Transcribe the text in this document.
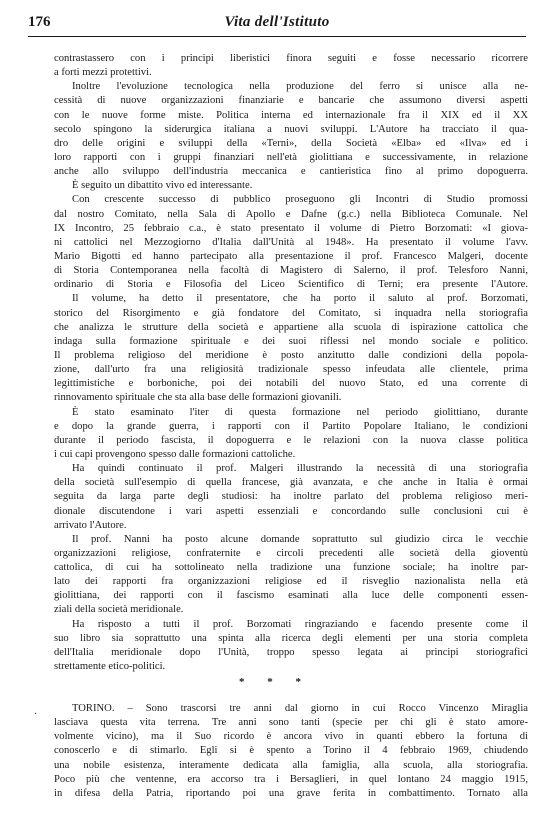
176	Vita dell'Istituto
contrastassero con i principi liberistici finora seguiti e fosse necessario ricorrere
a forti mezzi protettivi.
Inoltre l'evoluzione tecnologica nella produzione del ferro si unisce alla ne-
cessità di nuove organizzazioni finanziarie e bancarie che assumono diversi aspetti
con le nuove forme miste. Politica interna ed internazionale fra il XIX ed il XX
secolo spingono la siderurgica italiana a nuovi sviluppi. L'Autore ha tracciato il qua-
dro delle origini e sviluppi della «Terni», della Società «Elba» ed «Ilva» ed i
loro rapporti con i gruppi finanziari nell'età giolittiana e successivamente, in relazione
anche allo sviluppo dell'industria meccanica e cantieristica fino al primo dopoguerra.
È seguito un dibattito vivo ed interessante.
Con crescente successo di pubblico proseguono gli Incontri di Studio promossi
dal nostro Comitato, nella Sala di Apollo e Dafne (g.c.) nella Biblioteca Comunale. Nel
IX Incontro, 25 febbraio c.a., è stato presentato il volume di Pietro Borzomati: «I giova-
ni cattolici nel Mezzogiorno d'Italia dall'Unità al 1948». Ha presentato il volume l'avv.
Mario Bigotti ed hanno partecipato alla presentazione il prof. Francesco Malgeri, docente
di Storia Contemporanea nella facoltà di Magistero di Salerno, il prof. Telesforo Nanni,
ordinario di Storia e Filosofia del Liceo Scientifico di Terni; era presente l'Autore.
Il volume, ha detto il presentatore, che ha porto il saluto al prof. Borzomati,
storico del Risorgimento e già fondatore del Comitato, si inquadra nella storiografia
che analizza le strutture della società e appartiene alla scuola di ispirazione cattolica che
indaga sulla formazione spirituale e dei suoi riflessi nel mondo sociale e politico.
Il problema religioso del meridione è posto anzitutto dalle condizioni della popola-
zione, dall'urto fra una religiosità tradizionale spesso infeudata alle clientele, prima
legittimistiche e borboniche, poi dei notabili del nuovo Stato, ed una corrente di
rinnovamento spirituale che sta alla base delle formazioni giovanili.
È stato esaminato l'iter di questa formazione nel periodo giolittiano, durante
e dopo la grande guerra, i rapporti con il Partito Popolare Italiano, le condizioni
durante il periodo fascista, il dopoguerra e le relazioni con la nuova classe politica
i cui capi provengono spesso dalle formazioni cattoliche.
Ha quindi continuato il prof. Malgeri illustrando la necessità di una storiografia
della società sull'esempio di quella francese, già avanzata, e che anche in Italia è ormai
seguita da larga parte degli studiosi: ha inoltre parlato del problema religioso meri-
dionale discutendone i vari aspetti essenziali e concordando sulle conclusioni cui è
arrivato l'Autore.
Il prof. Nanni ha posto alcune domande soprattutto sul giudizio circa le vecchie
organizzazioni religiose, confraternite e circoli precedenti alle società della gioventù
cattolica, di cui ha sottolineato nella tradizione una funzione sociale; ha inoltre par-
lato dei rapporti fra organizzazioni religiose ed il risveglio nazionalista nella età
giolittiana, dei rapporti con il fascismo esaminati alla luce delle componenti essen-
ziali della società meridionale.
Ha risposto a tutti il prof. Borzomati ringraziando e facendo presente come il
suo libro sia soprattutto una spinta alla ricerca degli elementi per una storia completa
dell'Italia meridionale dopo l'Unità, troppo spesso legata ai principi storiografici
strettamente etico-politici.
* * *
·
TORINO. – Sono trascorsi tre anni dal giorno in cui Rocco Vincenzo Miraglia
lasciava questa vita terrena. Tre anni sono tanti (specie per chi gli è stato amore-
volmente vicino), ma il Suo ricordo è ancora vivo in quanti ebbero la fortuna di
conoscerlo e di stimarlo. Egli si è spento a Torino il 4 febbraio 1969, chiudendo
una nobile esistenza, interamente dedicata alla famiglia, alla scuola, alla storiografia.
Poco più che ventenne, era accorso tra i Bersaglieri, in quel lontano 24 maggio 1915,
in difesa della Patria, riportando poi una grave ferita in combattimento. Tornato alla
